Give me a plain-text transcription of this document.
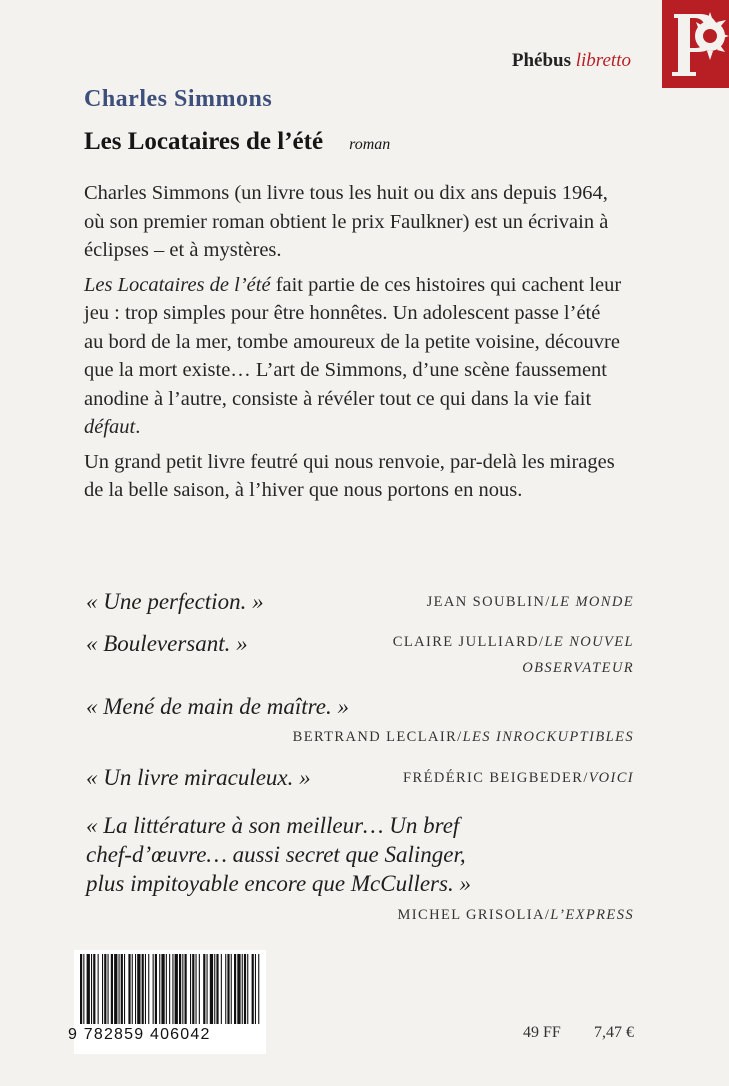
Phébus libretto
Charles Simmons
Les Locataires de l’été roman

Charles Simmons (un livre tous les huit ou dix ans depuis 1964, où son premier roman obtient le prix Faulkner) est un écrivain à éclipses – et à mystères.

Les Locataires de l’été fait partie de ces histoires qui cachent leur jeu : trop simples pour être honnêtes. Un adolescent passe l’été au bord de la mer, tombe amoureux de la petite voisine, découvre que la mort existe… L’art de Simmons, d’une scène faussement anodine à l’autre, consiste à révéler tout ce qui dans la vie fait défaut.

Un grand petit livre feutré qui nous renvoie, par-delà les mirages de la belle saison, à l’hiver que nous portons en nous.

« Une perfection. »	JEAN SOUBLIN/LE MONDE
« Bouleversant. »	CLAIRE JULLIARD/LE NOUVEL
OBSERVATEUR
« Mené de main de maître. »
BERTRAND LECLAIR/LES INROCKUPTIBLES
« Un livre miraculeux. »	FRÉDÉRIC BEIGBEDER/VOICI
« La littérature à son meilleur… Un bref
chef-d’œuvre… aussi secret que Salinger,
plus impitoyable encore que McCullers. »
MICHEL GRISOLIA/L’EXPRESS
9 782859 406042	49 FF 7,47 €
